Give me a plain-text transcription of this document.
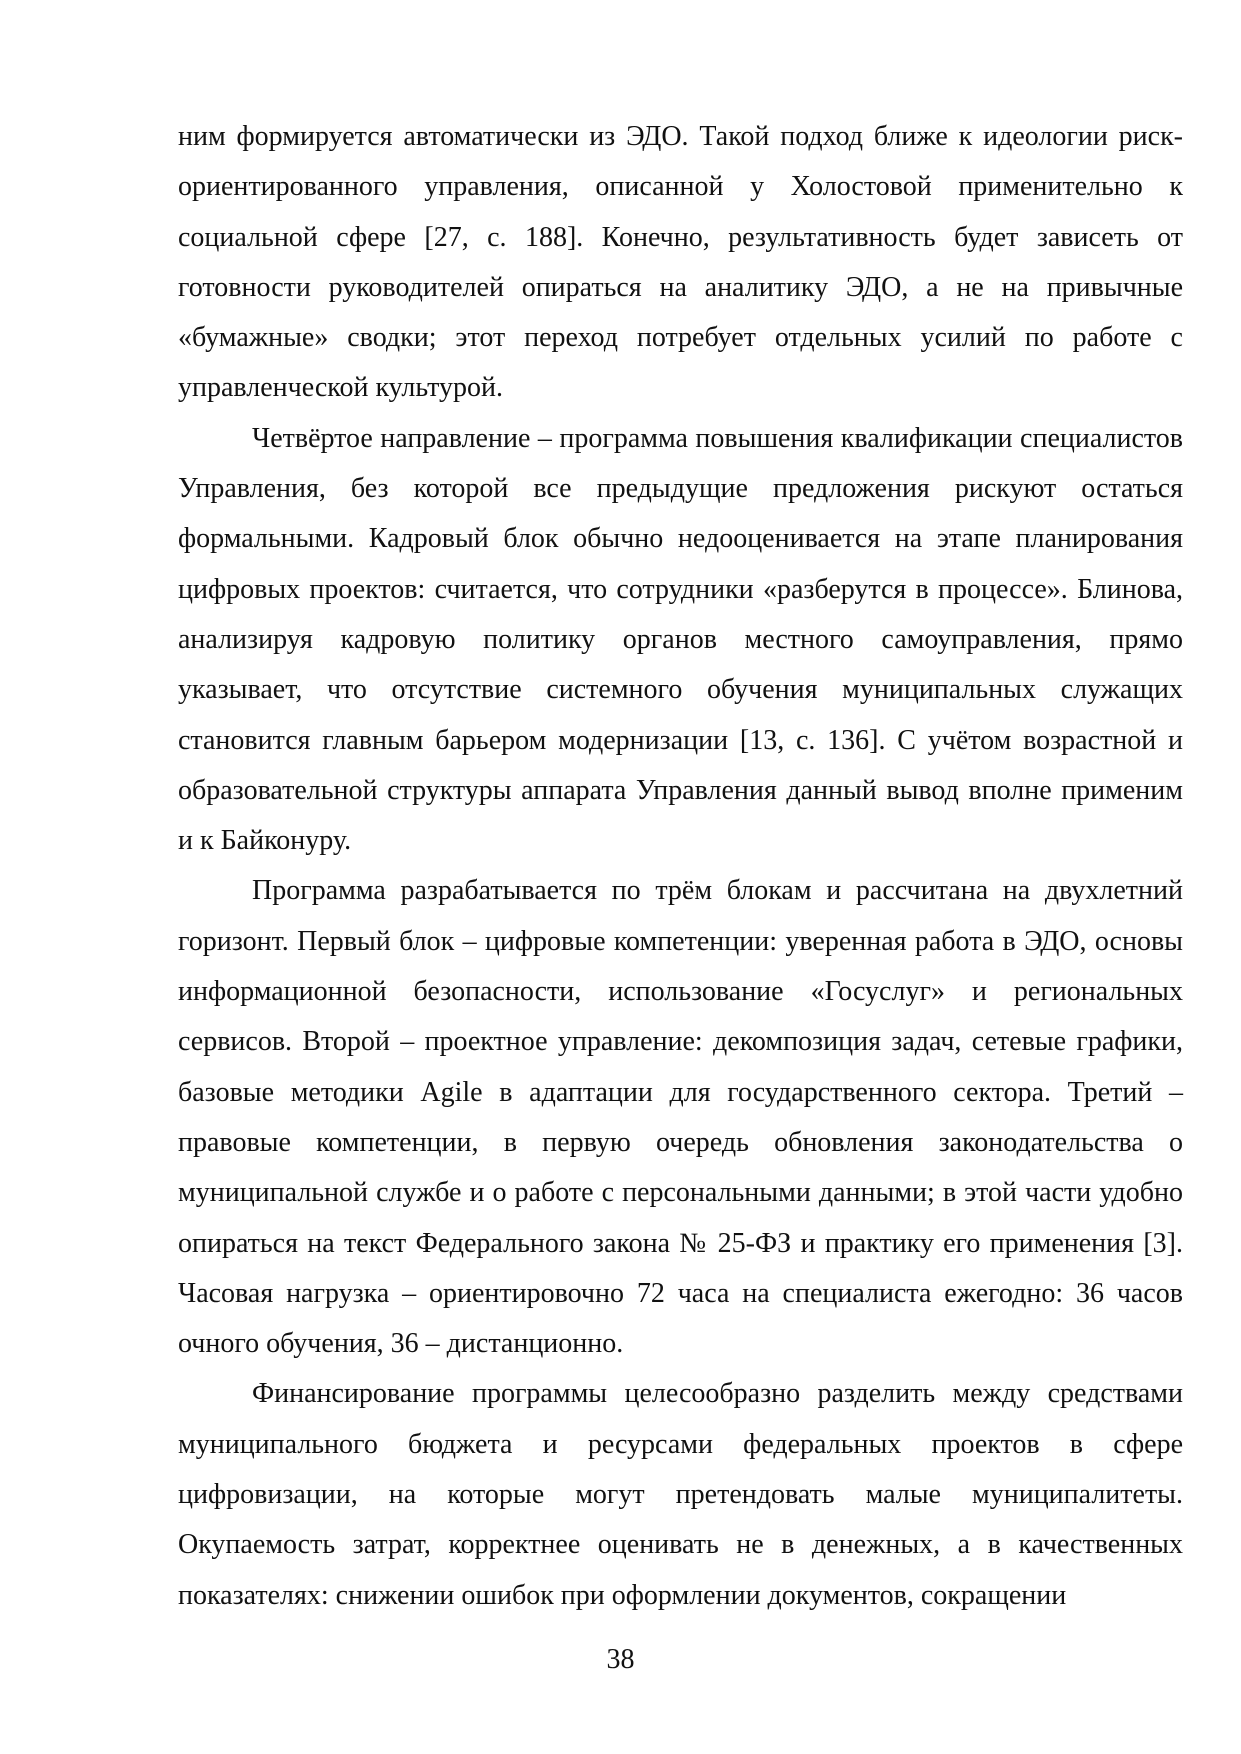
ним формируется автоматически из ЭДО. Такой подход ближе к идеологии риск-ориентированного управления, описанной у Холостовой применительно к социальной сфере [27, с. 188]. Конечно, результативность будет зависеть от готовности руководителей опираться на аналитику ЭДО, а не на привычные «бумажные» сводки; этот переход потребует отдельных усилий по работе с управленческой культурой.

Четвёртое направление – программа повышения квалификации специалистов Управления, без которой все предыдущие предложения рискуют остаться формальными. Кадровый блок обычно недооценивается на этапе планирования цифровых проектов: считается, что сотрудники «разберутся в процессе». Блинова, анализируя кадровую политику органов местного самоуправления, прямо указывает, что отсутствие системного обучения муниципальных служащих становится главным барьером модернизации [13, с. 136]. С учётом возрастной и образовательной структуры аппарата Управления данный вывод вполне применим и к Байконуру.

Программа разрабатывается по трём блокам и рассчитана на двухлетний горизонт. Первый блок – цифровые компетенции: уверенная работа в ЭДО, основы информационной безопасности, использование «Госуслуг» и региональных сервисов. Второй – проектное управление: декомпозиция задач, сетевые графики, базовые методики Agile в адаптации для государственного сектора. Третий – правовые компетенции, в первую очередь обновления законодательства о муниципальной службе и о работе с персональными данными; в этой части удобно опираться на текст Федерального закона № 25-ФЗ и практику его применения [3]. Часовая нагрузка – ориентировочно 72 часа на специалиста ежегодно: 36 часов очного обучения, 36 – дистанционно.

Финансирование программы целесообразно разделить между средствами муниципального бюджета и ресурсами федеральных проектов в сфере цифровизации, на которые могут претендовать малые муниципалитеты. Окупаемость затрат, корректнее оценивать не в денежных, а в качественных показателях: снижении ошибок при оформлении документов, сокращении

38
